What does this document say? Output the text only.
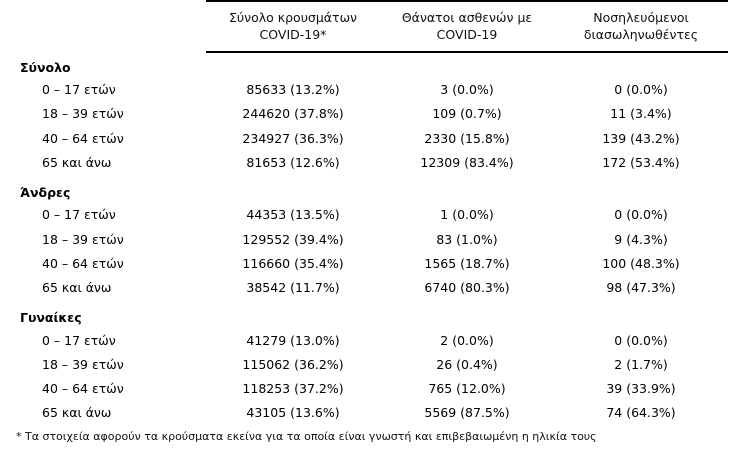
Σύνολο κρουσμάτων
COVID-19*

Θάνατοι ασθενών με
COVID-19

Νοσηλευόμενοι
διασωληνωθέντες

Σύνολο			
0 – 17 ετών	85633 (13.2%)	3 (0.0%)	0 (0.0%)
18 – 39 ετών	244620 (37.8%)	109 (0.7%)	11 (3.4%)
40 – 64 ετών	234927 (36.3%)	2330 (15.8%)	139 (43.2%)
65 και άνω	81653 (12.6%)	12309 (83.4%)	172 (53.4%)

Άνδρες			
0 – 17 ετών	44353 (13.5%)	1 (0.0%)	0 (0.0%)
18 – 39 ετών	129552 (39.4%)	83 (1.0%)	9 (4.3%)
40 – 64 ετών	116660 (35.4%)	1565 (18.7%)	100 (48.3%)
65 και άνω	38542 (11.7%)	6740 (80.3%)	98 (47.3%)

Γυναίκες			
0 – 17 ετών	41279 (13.0%)	2 (0.0%)	0 (0.0%)
18 – 39 ετών	115062 (36.2%)	26 (0.4%)	2 (1.7%)
40 – 64 ετών	118253 (37.2%)	765 (12.0%)	39 (33.9%)
65 και άνω	43105 (13.6%)	5569 (87.5%)	74 (64.3%)
* Τα στοιχεία αφορούν τα κρούσματα εκείνα για τα οποία είναι γνωστή και επιβεβαιωμένη η ηλικία τους
